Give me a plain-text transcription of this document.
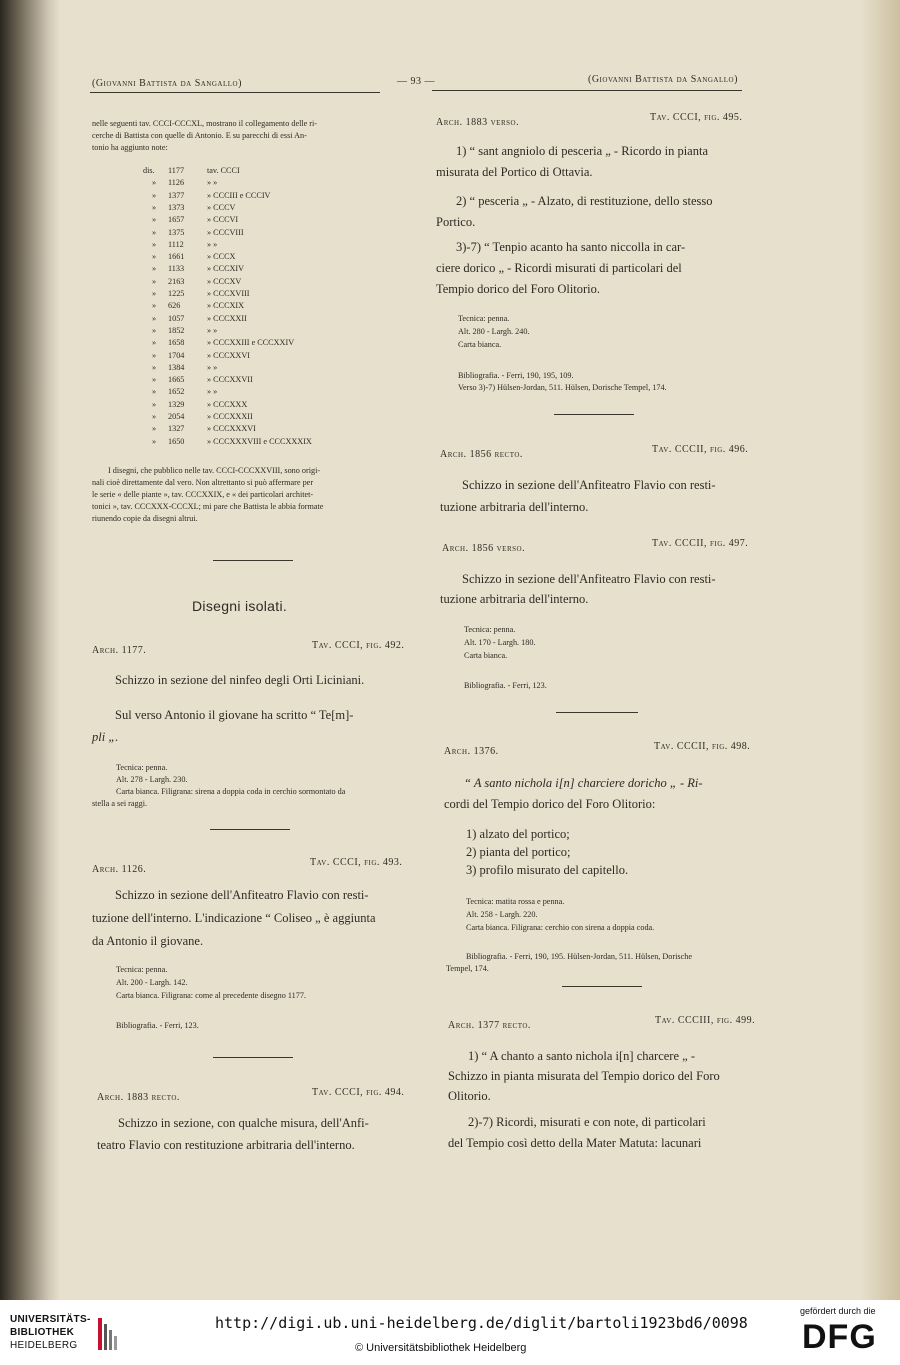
(Giovanni Battista da Sangallo)	— 93 —	(Giovanni Battista da Sangallo)
nelle seguenti tav. CCCI-CCCXL, mostrano il collegamento delle ri-
cerche di Battista con quelle di Antonio. E su parecchi di essi An-
tonio ha aggiunto note:
I disegni, che pubblico nelle tav. CCCI-CCCXXVIII, sono origi-
nali cioè direttamente dal vero. Non altrettanto si può affermare per
le serie « delle piante », tav. CCCXXIX, e « dei particolari architet-
tonici », tav. CCCXXX-CCCXL; mi pare che Battista le abbia formate
riunendo copie da disegni altrui.
Disegni isolati.
Arch. 1177.	Tav. CCCI, fig. 492.
Schizzo in sezione del ninfeo degli Orti Liciniani.
Sul verso Antonio il giovane ha scritto “ Te[m]-
pli „.
Tecnica: penna.
Alt. 278 - Largh. 230.
Carta bianca. Filigrana: sirena a doppia coda in cerchio sormontato da
stella a sei raggi.
Arch. 1126.
Tav. CCCI, fig. 493.
Schizzo in sezione dell'Anfiteatro Flavio con resti-
tuzione dell'interno. L'indicazione “ Coliseo „ è aggiunta
da Antonio il giovane.
Tecnica: penna.
Alt. 200 - Largh. 142.
Carta bianca. Filigrana: come al precedente disegno 1177.
Bibliografia. - Ferri, 123.
Arch. 1883 recto.	Tav. CCCI, fig. 494.
Schizzo in sezione, con qualche misura, dell'Anfi-
teatro Flavio con restituzione arbitraria dell'interno.
Arch. 1883 verso.	Tav. CCCI, fig. 495.
1) “ sant angniolo di pesceria „ - Ricordo in pianta
misurata del Portico di Ottavia.
2) “ pesceria „ - Alzato, di restituzione, dello stesso
Portico.
3)-7) “ Tenpio acanto ha santo niccolla in car-
ciere dorico „ - Ricordi misurati di particolari del
Tempio dorico del Foro Olitorio.
Tecnica: penna.
Alt. 280 - Largh. 240.
Carta bianca.
Bibliografia. - Ferri, 190, 195, 109.
Verso 3)-7) Hülsen-Jordan, 511. Hülsen, Dorische Tempel, 174.
Arch. 1856 recto.	Tav. CCCII, fig. 496.
Schizzo in sezione dell'Anfiteatro Flavio con resti-
tuzione arbitraria dell'interno.
Arch. 1856 verso.	Tav. CCCII, fig. 497.
Schizzo in sezione dell'Anfiteatro Flavio con resti-
tuzione arbitraria dell'interno.
Tecnica: penna.
Alt. 170 - Largh. 180.
Carta bianca.
Bibliografia. - Ferri, 123.
Arch. 1376.	Tav. CCCII, fig. 498.
“ A santo nichola i[n] charciere doricho „ - Ri-
cordi del Tempio dorico del Foro Olitorio:
1) alzato del portico;
2) pianta del portico;
3) profilo misurato del capitello.
Tecnica: matita rossa e penna.
Alt. 258 - Largh. 220.
Carta bianca. Filigrana: cerchio con sirena a doppia coda.
Bibliografia. - Ferri, 190, 195. Hülsen-Jordan, 511. Hülsen, Dorische
Tempel, 174.
Arch. 1377 recto.	Tav. CCCIII, fig. 499.
1) “ A chanto a santo nichola i[n] charcere „ -
Schizzo in pianta misurata del Tempio dorico del Foro
Olitorio.
2)-7) Ricordi, misurati e con note, di particolari
del Tempio così detto della Mater Matuta: lacunari
dis. 1177	tav. CCCI
» 1126	» »
» 1377	» CCCIII e CCCIV
» 1373	» CCCV
» 1657	» CCCVI
» 1375	» CCCVIII
» 1112	» »
» 1661	» CCCX
» 1133	» CCCXIV
» 2163	» CCCXV
» 1225	» CCCXVIII
» 626	» CCCXIX
» 1057	» CCCXXII
» 1852	» »
» 1658	» CCCXXIII e CCCXXIV
» 1704	» CCCXXVI
» 1384	» »
» 1665	» CCCXXVII
» 1652	» »
» 1329	» CCCXXX
» 2054	» CCCXXXII
» 1327	» CCCXXXVI
» 1650	» CCCXXXVIII e CCCXXXIX
UNIVERSITÄTS-
BIBLIOTHEK
HEIDELBERG
http://digi.ub.uni-heidelberg.de/diglit/bartoli1923bd6/0098
© Universitätsbibliothek Heidelberg
gefördert durch die
DFG
